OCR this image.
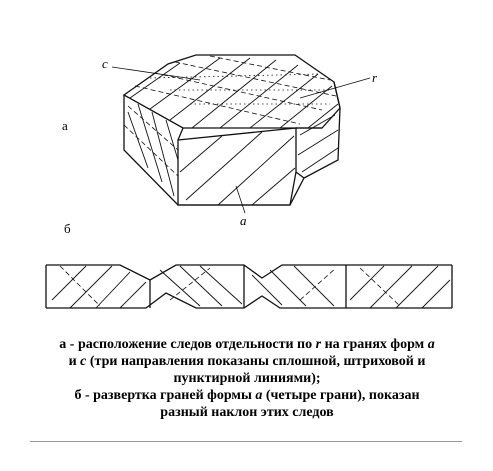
а
б
c
r
a
а - расположение следов отдельности по r на гранях форм a
и c (три направления показаны сплошной, штриховой и
пунктирной линиями);
б - развертка граней формы a (четыре грани), показан
разный наклон этих следов
